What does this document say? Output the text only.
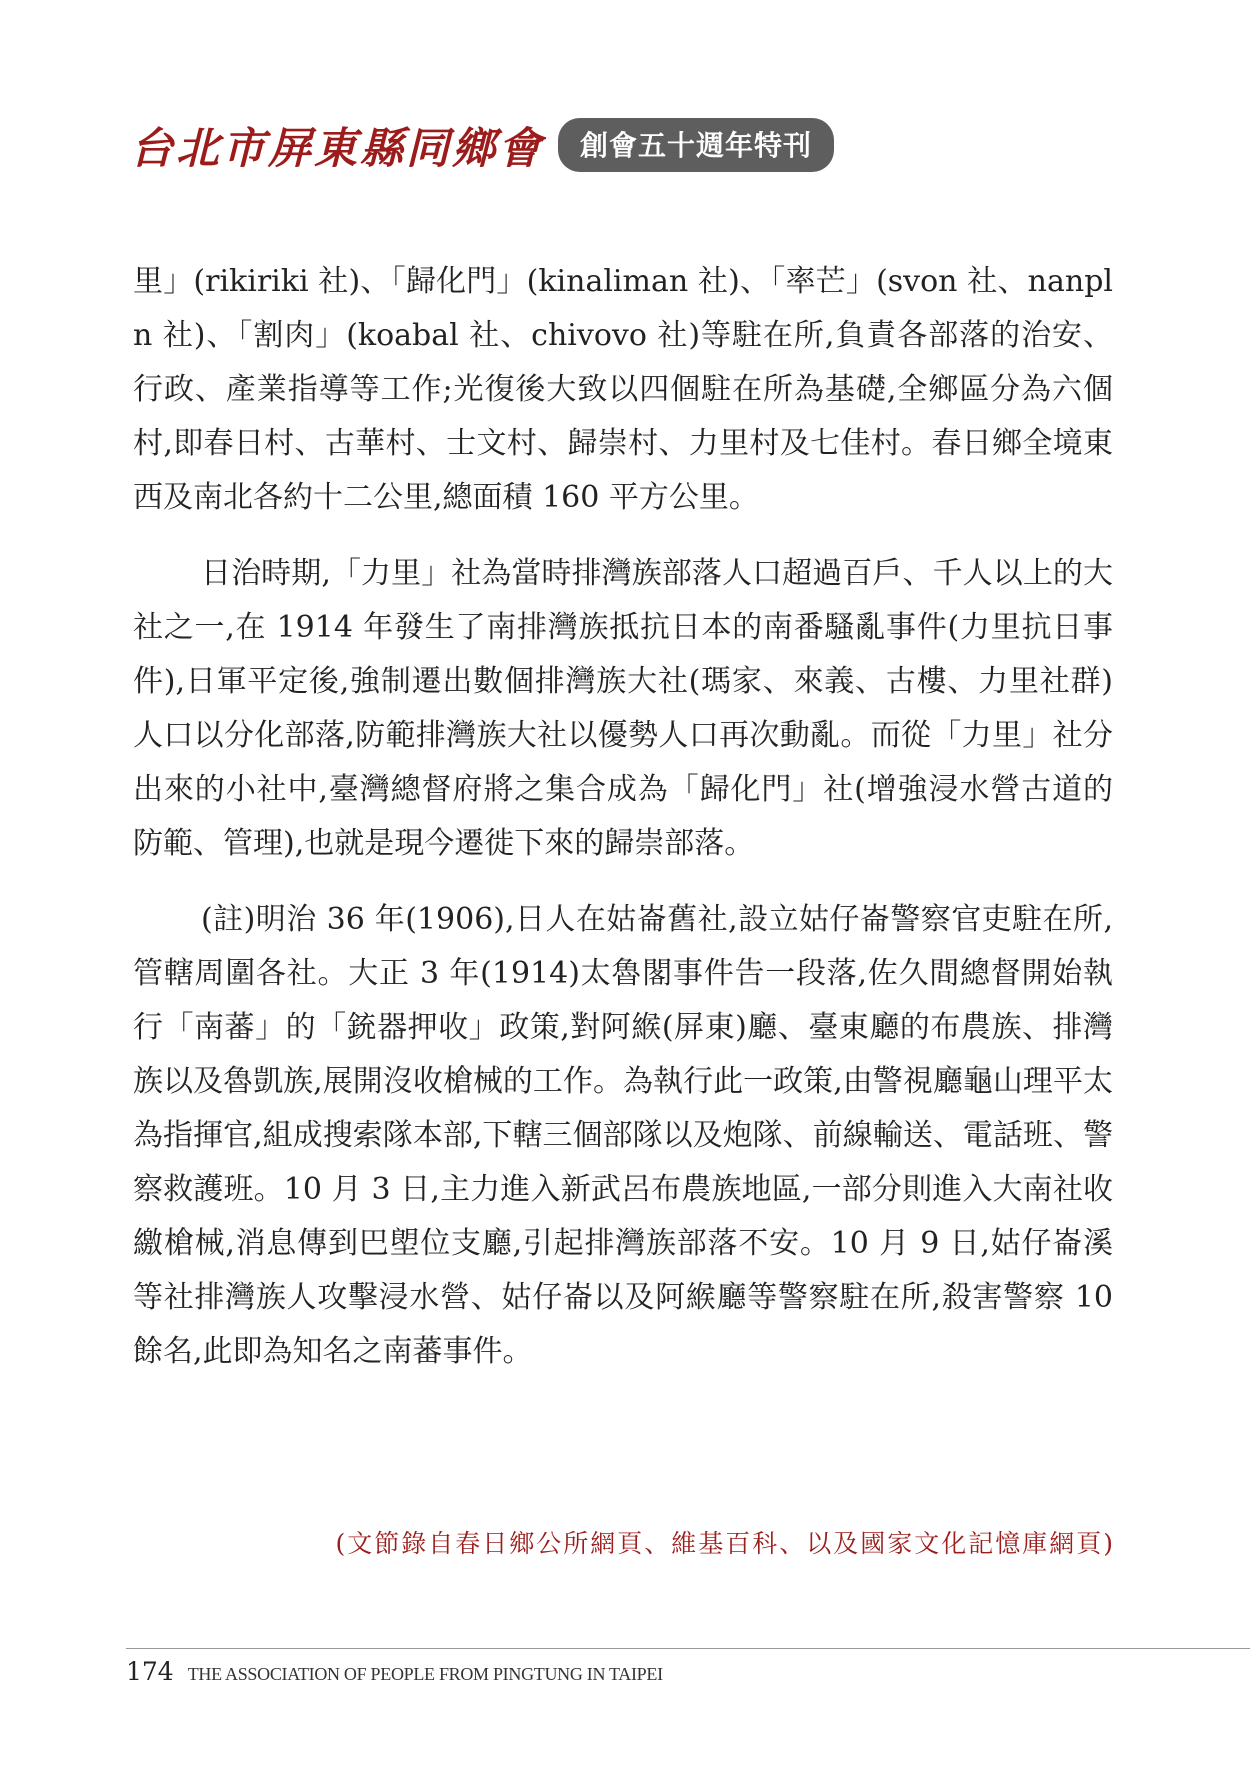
台北市屏東縣同鄉會	創會五十週年特刊

里」(rikiriki 社)、「歸化門」(kinaliman 社)、「率芒」(svon 社、nanpln 社)、「割肉」(koabal 社、chivovo 社)等駐在所,負責各部落的治安、行政、產業指導等工作;光復後大致以四個駐在所為基礎,全鄉區分為六個村,即春日村、古華村、士文村、歸崇村、力里村及七佳村。春日鄉全境東西及南北各約十二公里,總面積 160 平方公里。

日治時期,「力里」社為當時排灣族部落人口超過百戶、千人以上的大社之一,在 1914 年發生了南排灣族抵抗日本的南番騷亂事件(力里抗日事件),日軍平定後,強制遷出數個排灣族大社(瑪家、來義、古樓、力里社群)人口以分化部落,防範排灣族大社以優勢人口再次動亂。而從「力里」社分出來的小社中,臺灣總督府將之集合成為「歸化門」社(增強浸水營古道的防範、管理),也就是現今遷徙下來的歸崇部落。

(註)明治 36 年(1906),日人在姑崙舊社,設立姑仔崙警察官吏駐在所,管轄周圍各社。大正 3 年(1914)太魯閣事件告一段落,佐久間總督開始執行「南蕃」的「銃器押收」政策,對阿緱(屏東)廳、臺東廳的布農族、排灣族以及魯凱族,展開沒收槍械的工作。為執行此一政策,由警視廳龜山理平太為指揮官,組成搜索隊本部,下轄三個部隊以及炮隊、前線輸送、電話班、警察救護班。10 月 3 日,主力進入新武呂布農族地區,一部分則進入大南社收繳槍械,消息傳到巴塱位支廳,引起排灣族部落不安。10 月 9 日,姑仔崙溪等社排灣族人攻擊浸水營、姑仔崙以及阿緱廳等警察駐在所,殺害警察 10 餘名,此即為知名之南蕃事件。

(文節錄自春日鄉公所網頁、維基百科、以及國家文化記憶庫網頁)
174 THE ASSOCIATION OF PEOPLE FROM PINGTUNG IN TAIPEI
